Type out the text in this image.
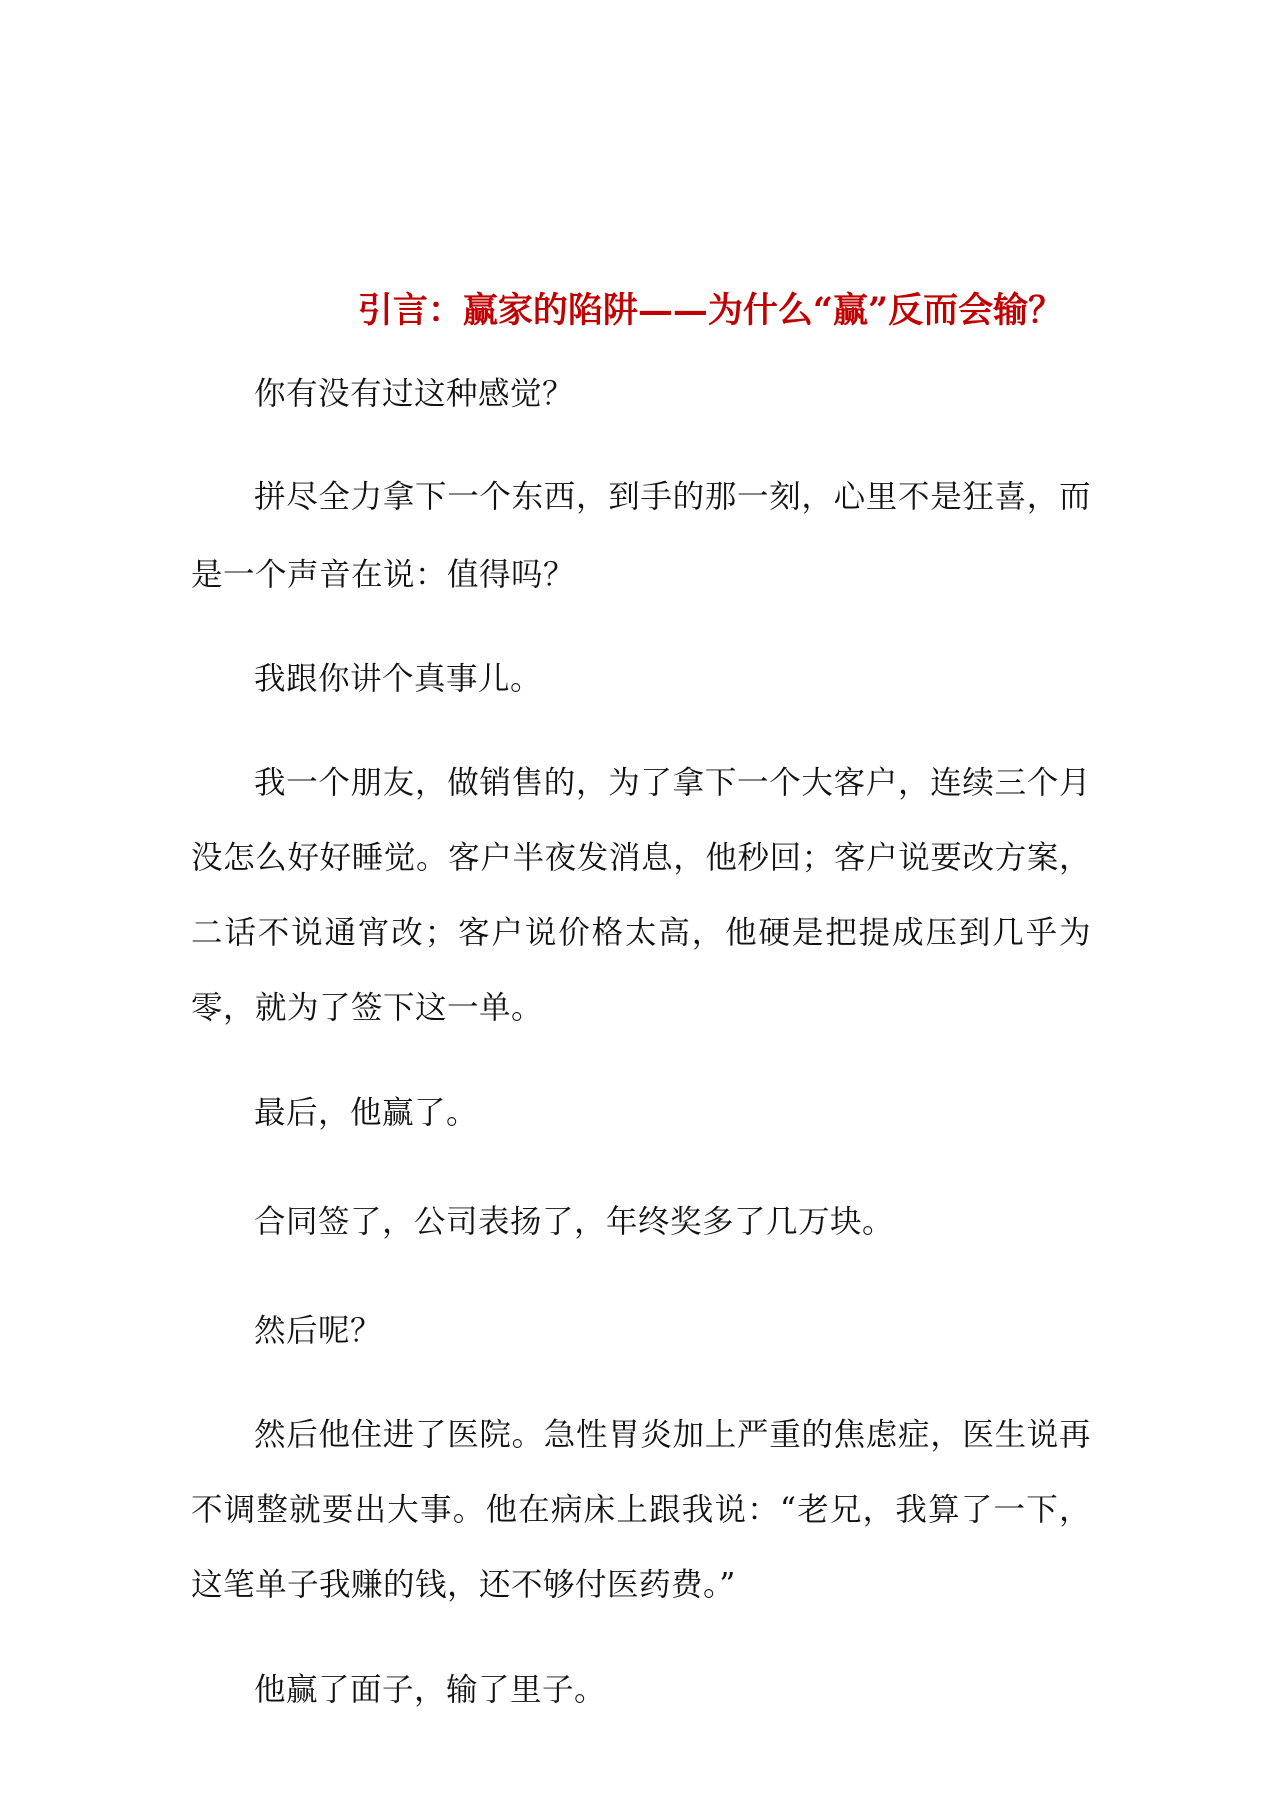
引言：赢家的陷阱——为什么“赢”反而会输？

你有没有过这种感觉？

拼尽全力拿下一个东西，到手的那一刻，心里不是狂喜，而是一个声音在说：值得吗？

我跟你讲个真事儿。

我一个朋友，做销售的，为了拿下一个大客户，连续三个月没怎么好好睡觉。客户半夜发消息，他秒回；客户说要改方案，二话不说通宵改；客户说价格太高，他硬是把提成压到几乎为零，就为了签下这一单。

最后，他赢了。

合同签了，公司表扬了，年终奖多了几万块。

然后呢？

然后他住进了医院。急性胃炎加上严重的焦虑症，医生说再不调整就要出大事。他在病床上跟我说：“老兄，我算了一下，这笔单子我赚的钱，还不够付医药费。”

他赢了面子，输了里子。
